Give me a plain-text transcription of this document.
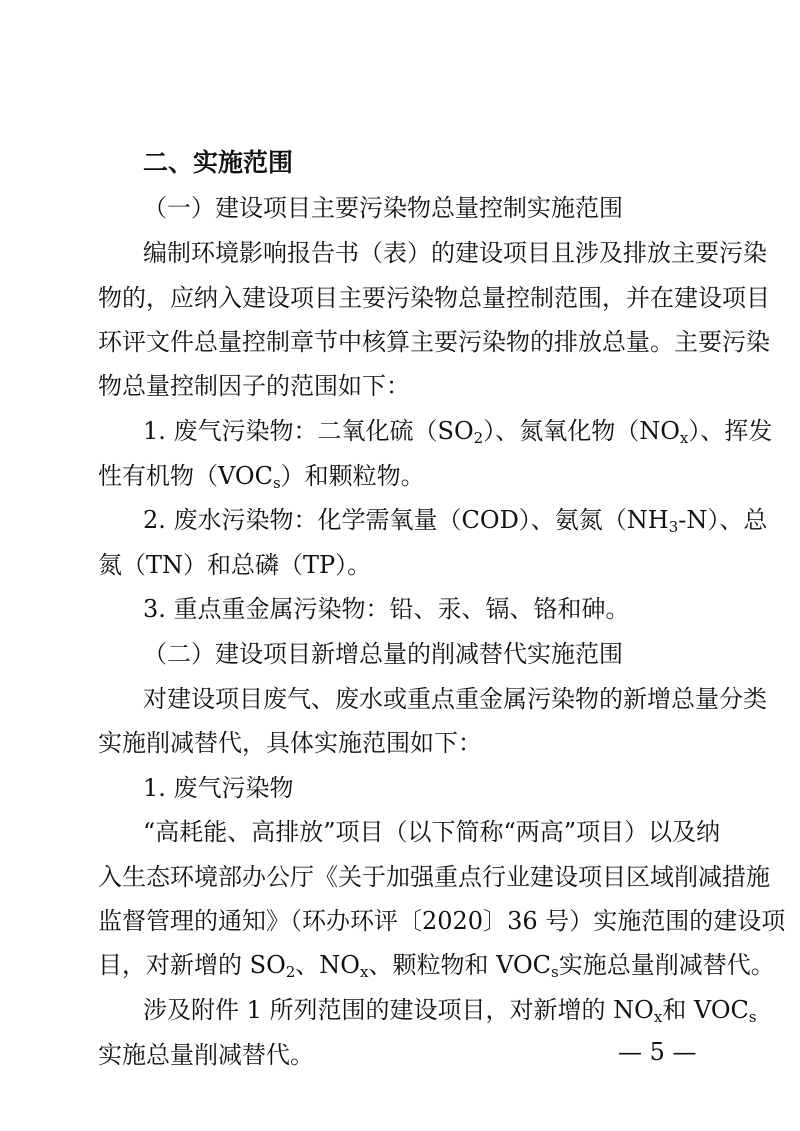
二、实施范围
（一）建设项目主要污染物总量控制实施范围
编制环境影响报告书（表）的建设项目且涉及排放主要污染
物的，应纳入建设项目主要污染物总量控制范围，并在建设项目
环评文件总量控制章节中核算主要污染物的排放总量。主要污染
物总量控制因子的范围如下：
1. 废气污染物：二氧化硫$(SO_2)$、氮氧化物$(NO_x)$、挥发
性有机物$(VOC_s)$和颗粒物。
2. 废水污染物：化学需氧量（COD）、氨氮$(NH_3-N)$、总
氮（TN）和总磷（TP）。
3. 重点重金属污染物：铅、汞、镉、铬和砷。
（二）建设项目新增总量的削减替代实施范围
对建设项目废气、废水或重点重金属污染物的新增总量分类
实施削减替代，具体实施范围如下：
1. 废气污染物
“高耗能、高排放”项目（以下简称“两高”项目）以及纳
入生态环境部办公厅《关于加强重点行业建设项目区域削减措施
监督管理的通知》（环办环评〔2020〕36 号）实施范围的建设项
目，对新增的 $SO_2$、$NO_x$、颗粒物和 $VOC_s$实施总量削减替代。
涉及附件 1 所列范围的建设项目，对新增的 $NO_x$和 $VOC_s$
实施总量削减替代。	— 5 —
